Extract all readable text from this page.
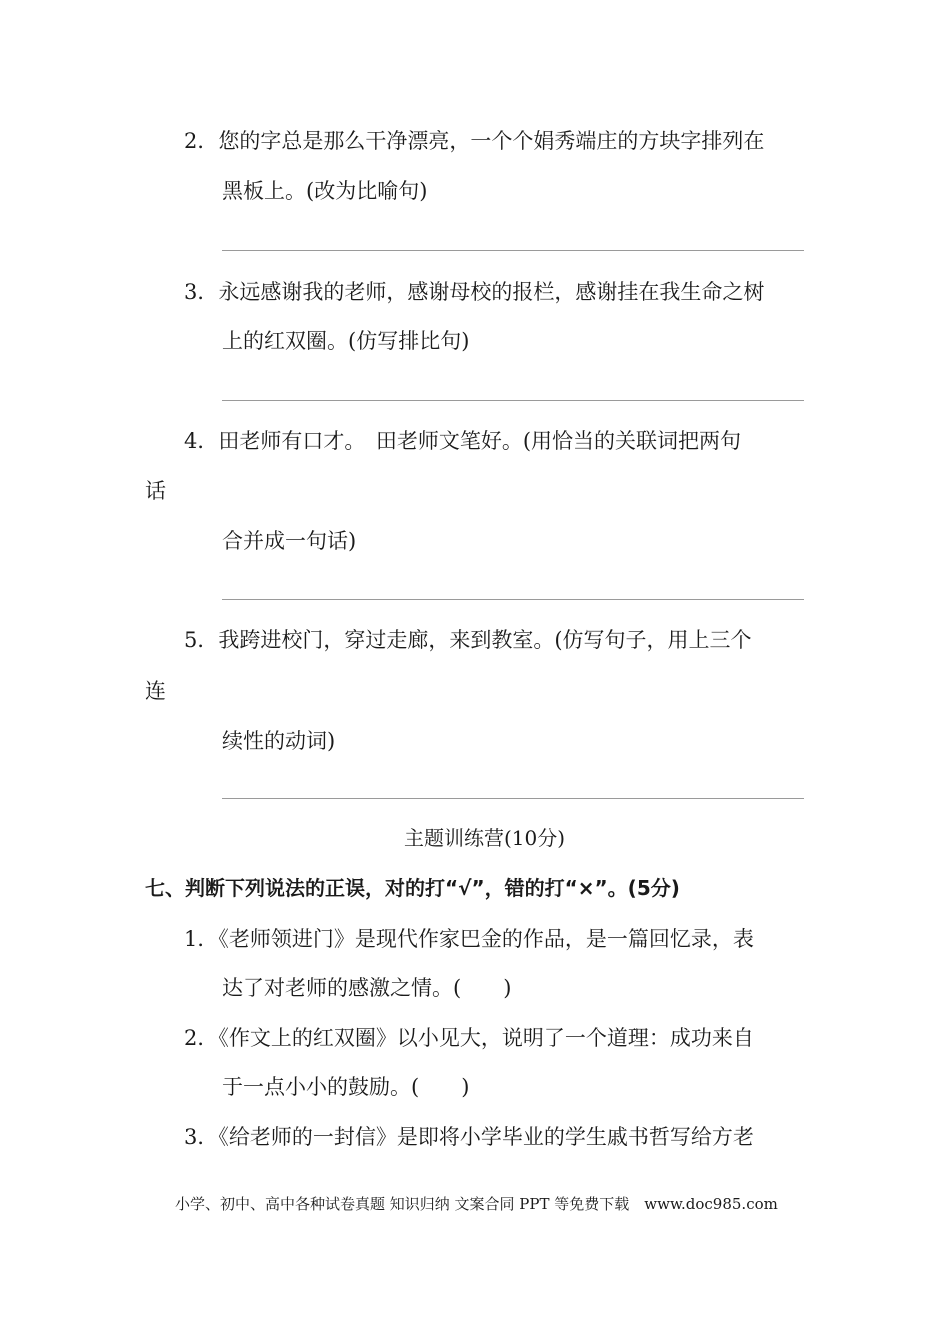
2．您的字总是那么干净漂亮，一个个娟秀端庄的方块字排列在
黑板上。(改为比喻句)
3．永远感谢我的老师，感谢母校的报栏，感谢挂在我生命之树
上的红双圈。(仿写排比句)
4．田老师有口才。　田老师文笔好。(用恰当的关联词把两句
话
合并成一句话)
5．我跨进校门，穿过走廊，来到教室。(仿写句子，用上三个
连
续性的动词)
主题训练营(10分)
七、判断下列说法的正误，对的打“√”，错的打“×”。(5分)
1．《老师领进门》是现代作家巴金的作品，是一篇回忆录，表
达了对老师的感激之情。(　　)
2．《作文上的红双圈》以小见大，说明了一个道理：成功来自
于一点小小的鼓励。(　　)
3．《给老师的一封信》是即将小学毕业的学生戚书哲写给方老
小学、初中、高中各种试卷真题 知识归纳 文案合同 PPT 等免费下载　www.doc985.com
